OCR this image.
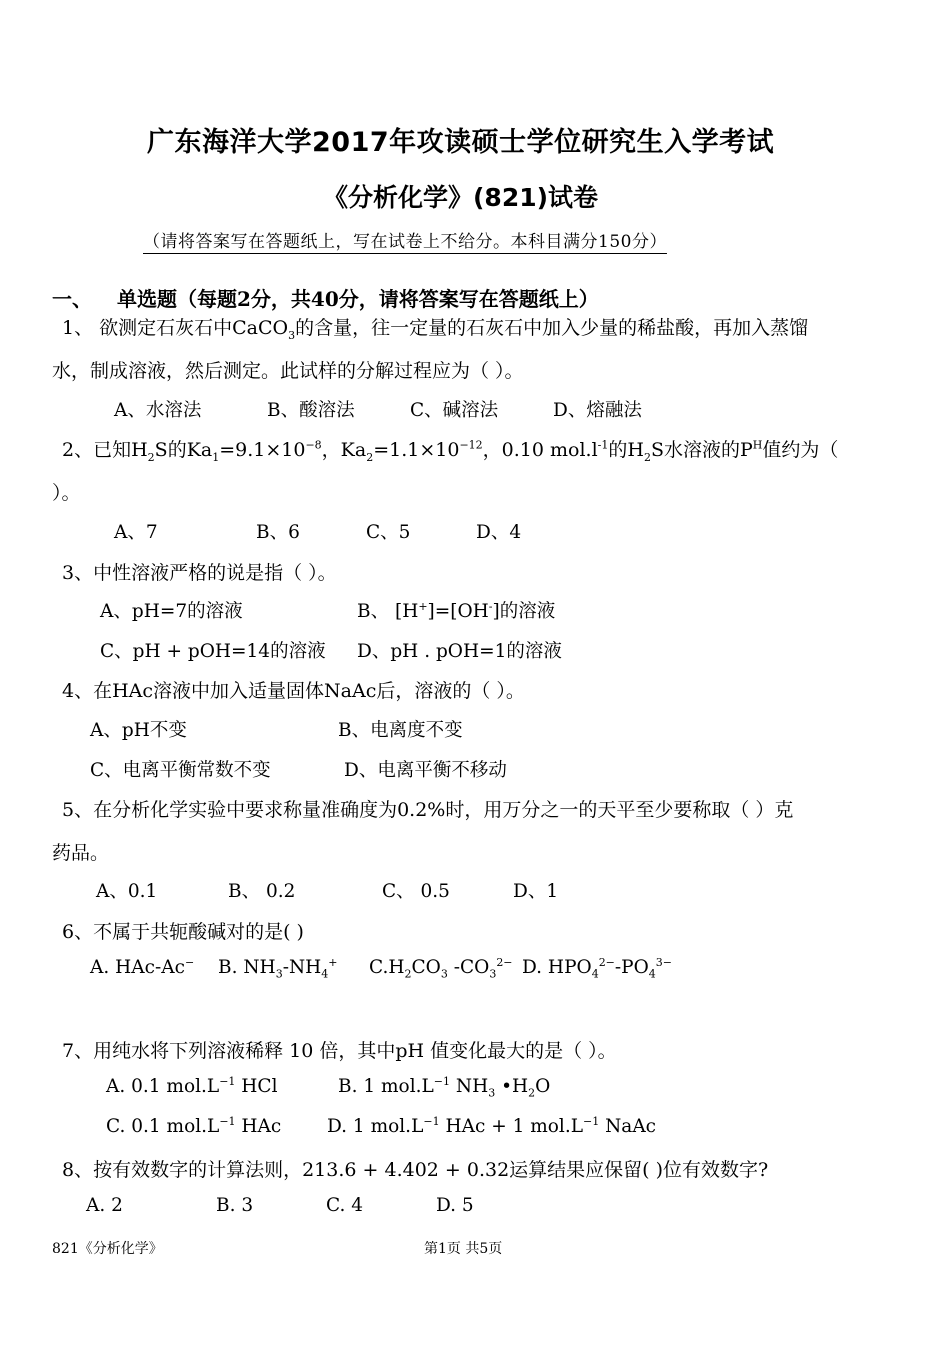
广东海洋大学2017年攻读硕士学位研究生入学考试
《分析化学》(821)试卷
（请将答案写在答题纸上，写在试卷上不给分。本科目满分150分）
一、 单选题（每题2分，共40分，请将答案写在答题纸上）
1、 欲测定石灰石中CaCO$_3$的含量，往一定量的石灰石中加入少量的稀盐酸，再加入蒸馏
水，制成溶液，然后测定。此试样的分解过程应为（ ）。
A、水溶法	B、酸溶法	C、碱溶法	D、熔融法
2、已知$H_2S$的$Ka_1=9.1\times 10^{-8}$，$Ka_2=1.1\times 10^{-12}$，0.10 $mol.l^{-1}$的$H_2S$水溶液的$P^H$值约为（
）。
A、7	B、6	C、5	D、4
3、中性溶液严格的说是指（ ）。
A、pH=7的溶液	B、 [H+]=[OH-]的溶液
C、pH + pOH=14的溶液 D、pH . pOH=1的溶液
4、在HAc溶液中加入适量固体NaAc后，溶液的（ ）。
A、pH不变	B、电离度不变
C、电离平衡常数不变	D、电离平衡不移动
5、在分析化学实验中要求称量准确度为0.2%时，用万分之一的天平至少要称取（ ）克
药品。
A、0.1	B、 0.2	C、 0.5	D、1
6、不属于共轭酸碱对的是( )
A. HAc-Ac− B. $NH_3-NH_4^+$ $C.H_2CO_3$ $-CO_3^{2-}$ D. $HPO_4^{2-}-PO_4^{3-}$
7、用纯水将下列溶液稀释 10 倍，其中pH 值变化最大的是（ ）。
A. 0.1 $mol.L^{-1}$ HCl	B. 1 $mol.L^{-1}$ $NH_3$ $•H_2O$
C. 0.1 $mol.L^{-1}$ HAc D. 1 $mol.L^{-1}$ HAc + 1 $mol.L^{-1}$ NaAc
8、按有效数字的计算法则，213.6 + 4.402 + 0.32运算结果应保留( )位有效数字?
A. 2	B. 3	C. 4	D. 5
821《分析化学》	第1页 共5页
